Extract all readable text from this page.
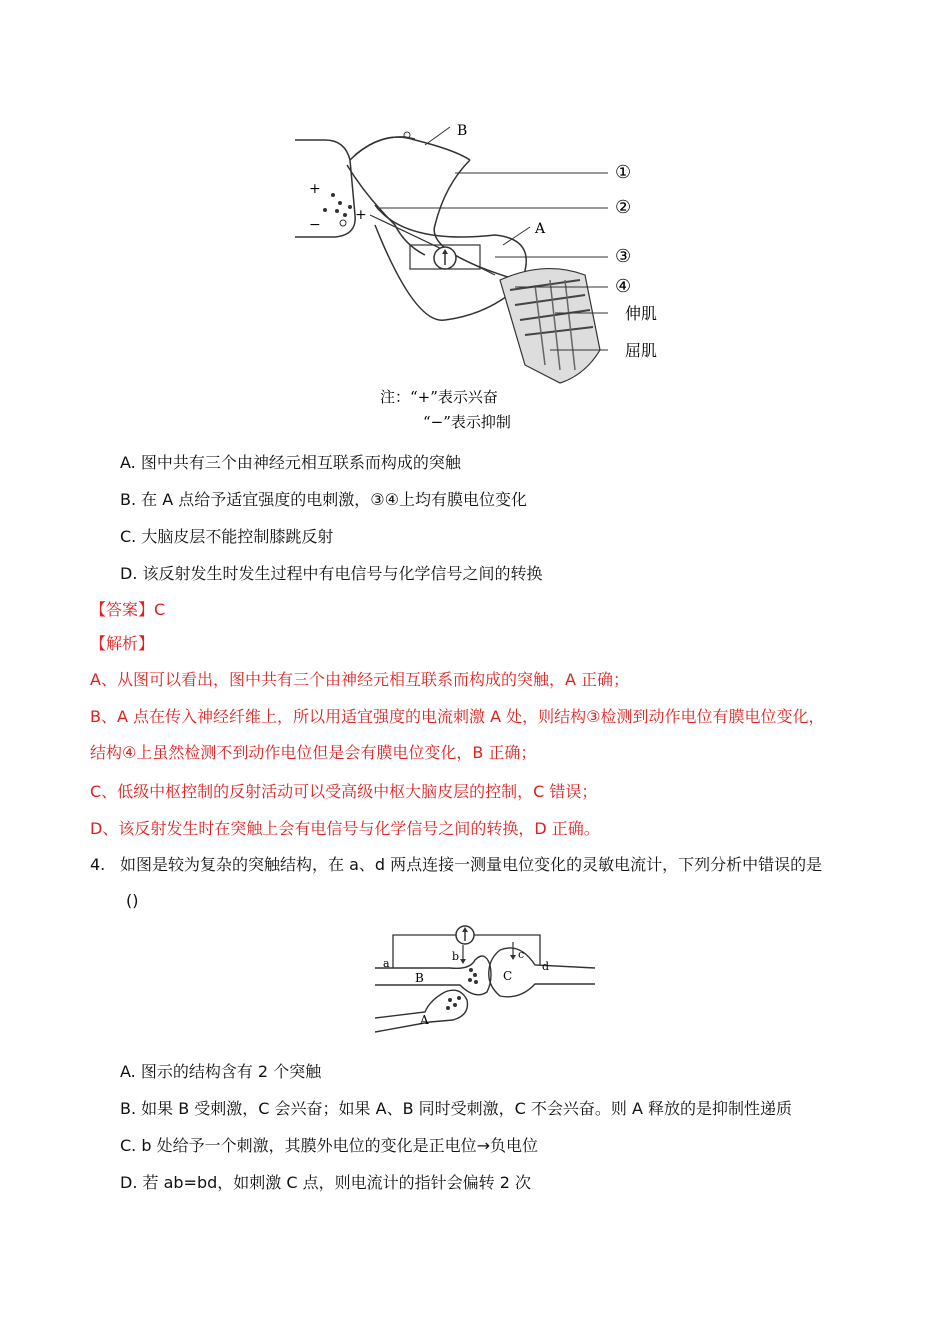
B
A
①
②
③
④
伸肌
屈肌
+
+
−
注：“+”表示兴奋
“−”表示抑制
A. 图中共有三个由神经元相互联系而构成的突触
B. 在 A 点给予适宜强度的电刺激，③④上均有膜电位变化
C. 大脑皮层不能控制膝跳反射
D. 该反射发生时发生过程中有电信号与化学信号之间的转换
【答案】C
【解析】
A、从图可以看出，图中共有三个由神经元相互联系而构成的突触，A 正确；
B、A 点在传入神经纤维上，所以用适宜强度的电流刺激 A 处，则结构③检测到动作电位有膜电位变化，
结构④上虽然检测不到动作电位但是会有膜电位变化，B 正确；
C、低级中枢控制的反射活动可以受高级中枢大脑皮层的控制，C 错误；
D、该反射发生时在突触上会有电信号与化学信号之间的转换，D 正确。
4. 如图是较为复杂的突触结构，在 a、d 两点连接一测量电位变化的灵敏电流计，下列分析中错误的是
()
a
b	c
d
B	C
A
A. 图示的结构含有 2 个突触
B. 如果 B 受刺激，C 会兴奋；如果 A、B 同时受刺激，C 不会兴奋。则 A 释放的是抑制性递质
C. b 处给予一个刺激，其膜外电位的变化是正电位→负电位
D. 若 ab=bd，如刺激 C 点，则电流计的指针会偏转 2 次
